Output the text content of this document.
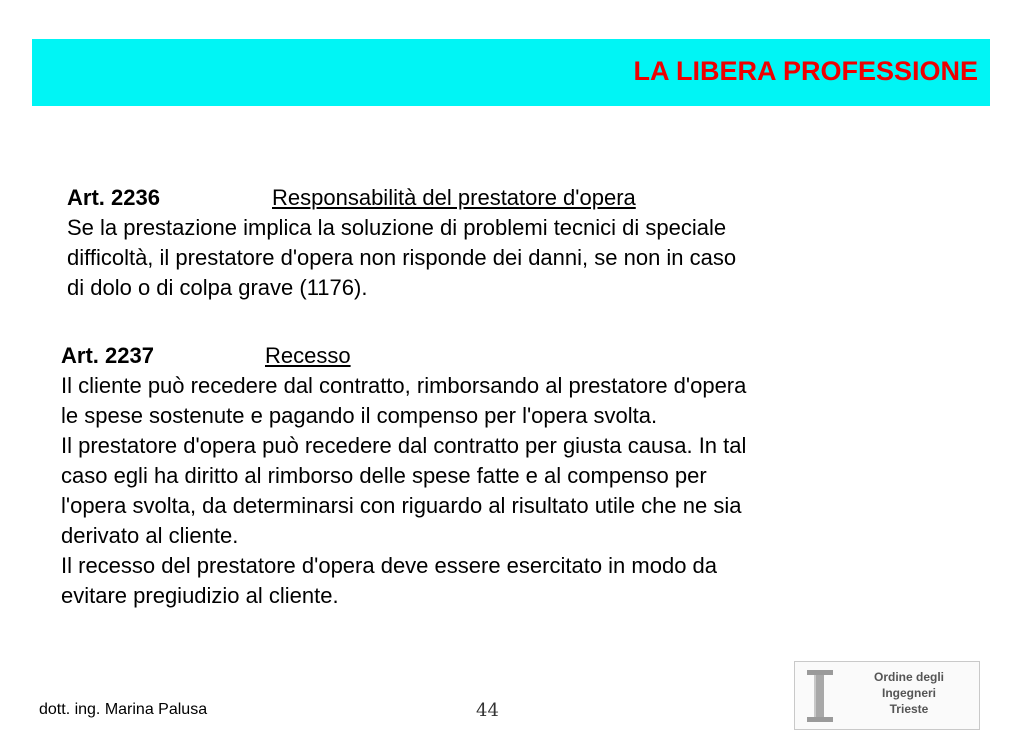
LA LIBERA PROFESSIONE
Art. 2236	Responsabilità del prestatore d'opera
Se la prestazione implica la soluzione di problemi tecnici di speciale
difficoltà, il prestatore d'opera non risponde dei danni, se non in caso
di dolo o di colpa grave (1176).
Art. 2237	Recesso
Il cliente può recedere dal contratto, rimborsando al prestatore d'opera
le spese sostenute e pagando il compenso per l'opera svolta.
Il prestatore d'opera può recedere dal contratto per giusta causa. In tal
caso egli ha diritto al rimborso delle spese fatte e al compenso per
l'opera svolta, da determinarsi con riguardo al risultato utile che ne sia
derivato al cliente.
Il recesso del prestatore d'opera deve essere esercitato in modo da
evitare pregiudizio al cliente.
dott. ing. Marina Palusa	44
Ordine degli
Ingegneri
Trieste
